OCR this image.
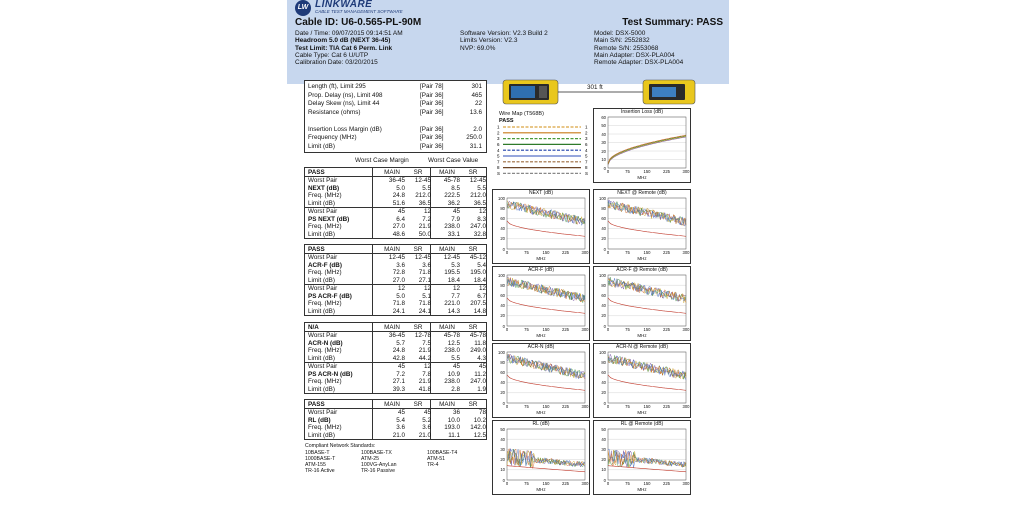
LW LINKWARE
CABLE TEST MANAGEMENT SOFTWARE
Cable ID: U6-0.565-PL-90M	Test Summary: PASS
Date / Time: 09/07/2015 09:14:51 AM
Headroom 5.0 dB (NEXT 36-45)
Test Limit: TIA Cat 6 Perm. Link
Cable Type: Cat 6 U/UTP
Calibration Date: 03/20/2015
Software Version: V2.3 Build 2
Limits Version: V2.3
NVP: 69.0%
Model: DSX-5000
Main S/N: 2552832
Remote S/N: 2553068
Main Adapter: DSX-PLA004
Remote Adapter: DSX-PLA004
Length (ft), Limit 295	[Pair 78]	301
Prop. Delay (ns), Limit 498	[Pair 36]	465
Delay Skew (ns), Limit 44	[Pair 36]	22
Resistance (ohms)	[Pair 36]	13.6
Insertion Loss Margin (dB)	[Pair 36]	2.0
Frequency (MHz)	[Pair 36]	250.0
Limit (dB)	[Pair 36]	31.1
Worst Case Margin	Worst Case Value
PASS	MAIN	SR	MAIN	SR
Worst Pair	36-45	12-45	45-78	12-45
NEXT (dB)	5.0	5.5	8.5	5.5
Freq. (MHz)	24.8	212.0	222.5	212.0
Limit (dB)	51.6	36.5	36.2	36.5
Worst Pair	45	12	45	12
PS NEXT (dB)	6.4	7.2	7.9	8.3
Freq. (MHz)	27.0	21.9	238.0	247.0
Limit (dB)	48.6	50.0	33.1	32.8
PASS	MAIN	SR	MAIN	SR
Worst Pair	12-45	12-45	12-45	45-12
ACR-F (dB)	3.6	3.6	5.3	5.4
Freq. (MHz)	72.8	71.8	195.5	195.0
Limit (dB)	27.0	27.1	18.4	18.4
Worst Pair	12	12	12	12
PS ACR-F (dB)	5.0	5.1	7.7	6.7
Freq. (MHz)	71.8	71.8	221.0	207.5
Limit (dB)	24.1	24.1	14.3	14.8
N/A	MAIN	SR	MAIN	SR
Worst Pair	36-45	12-78	45-78	45-78
ACR-N (dB)	5.7	7.5	12.5	11.8
Freq. (MHz)	24.8	21.9	238.0	249.0
Limit (dB)	42.8	44.2	5.5	4.3
Worst Pair	45	12	45	45
PS ACR-N (dB)	7.2	7.8	10.9	11.2
Freq. (MHz)	27.1	21.9	238.0	247.0
Limit (dB)	39.3	41.8	2.8	1.9
PASS	MAIN	SR	MAIN	SR
Worst Pair	45	45	36	78
RL (dB)	5.4	5.2	10.0	10.2
Freq. (MHz)	3.6	3.6	193.0	142.0
Limit (dB)	21.0	21.0	11.1	12.5
Compliant Network Standards:
10BASE-T	100BASE-TX	100BASE-T4
1000BASE-T	ATM-25	ATM-51
ATM-155	100VG-AnyLan	TR-4
TR-16 Active	TR-16 Passive
301 ft
Wire Map (T568B)
PASS
1	1
2	2
3	3
6	6
4	4
5	5
7	7
8	8
S	S
Insertion Loss (dB)
60
50
40
30
20
10
0
0	75	150	225	300
MHz
NEXT (dB)
100
80
60
40
20
0
0	75	150	225	300
MHz
NEXT @ Remote (dB)
100
80
60
40
20
0
0	75	150	225	300
MHz
ACR-F (dB)
100
80
60
40
20
0
0	75	150	225	300
MHz
ACR-F @ Remote (dB)
100
80
60
40
20
0
0	75	150	225	300
MHz
ACR-N (dB)
100
80
60
40
20
0
0	75	150	225	300
MHz
ACR-N @ Remote (dB)
100
80
60
40
20
0
0	75	150	225	300
MHz
RL (dB)
50
40
30
20
10
0
0	75	150	225	300
MHz
RL @ Remote (dB)
50
40
30
20
10
0
0	75	150	225	300
MHz
